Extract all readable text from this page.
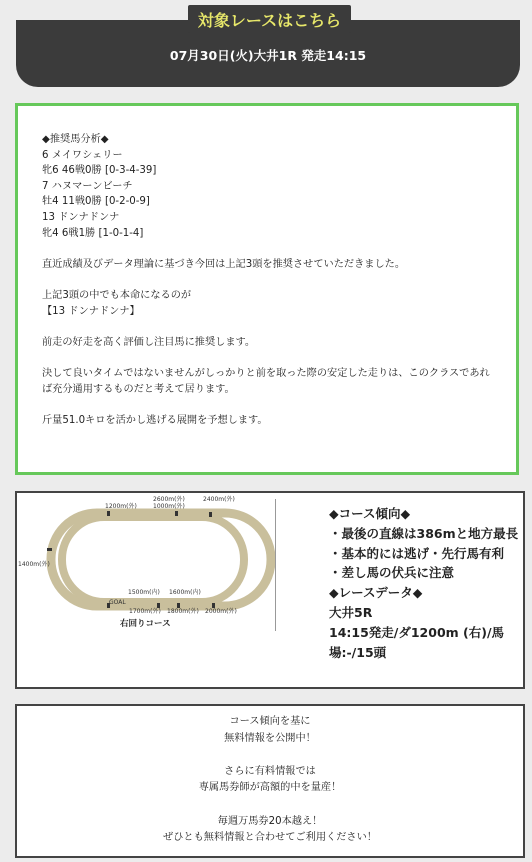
対象レースはこちら
07月30日(火)大井1R 発走14:15

◆推奨馬分析◆

6 メイワシェリー

牝6 46戦0勝 [0-3-4-39]

7 ハヌマーンビーチ

牡4 11戦0勝 [0-2-0-9]

13 ドンナドンナ

牝4 6戦1勝 [1-0-1-4]

直近成績及びデータ理論に基づき今回は上記3頭を推奨させていただきました。

上記3頭の中でも本命になるのが

【13 ドンナドンナ】

前走の好走を高く評価し注目馬に推奨します。

決して良いタイムではないませんがしっかりと前を取った際の安定した走りは、このクラスであれば充分通用するものだと考えて居ります。

斤量51.0キロを活かし逃げる展開を予想します。

OI RACECOURSE
1200m(外)
2600m(外)
1000m(外)
2400m(外)
1400m(外)
1500m(内) 1600m(内)
GOAL
1700m(外) 1800m(外) 2000m(外)
右回りコース

◆コース傾向◆

・最後の直線は386mと地方最長

・基本的には逃げ・先行馬有利

・差し馬の伏兵に注意

◆レースデータ◆

大井5R

14:15発走/ダ1200m (右)/馬場:-/15頭

コース傾向を基に

無料情報を公開中！

さらに有料情報では

専属馬券師が高額的中を量産！

毎週万馬券20本越え！

ぜひとも無料情報と合わせてご利用ください！
